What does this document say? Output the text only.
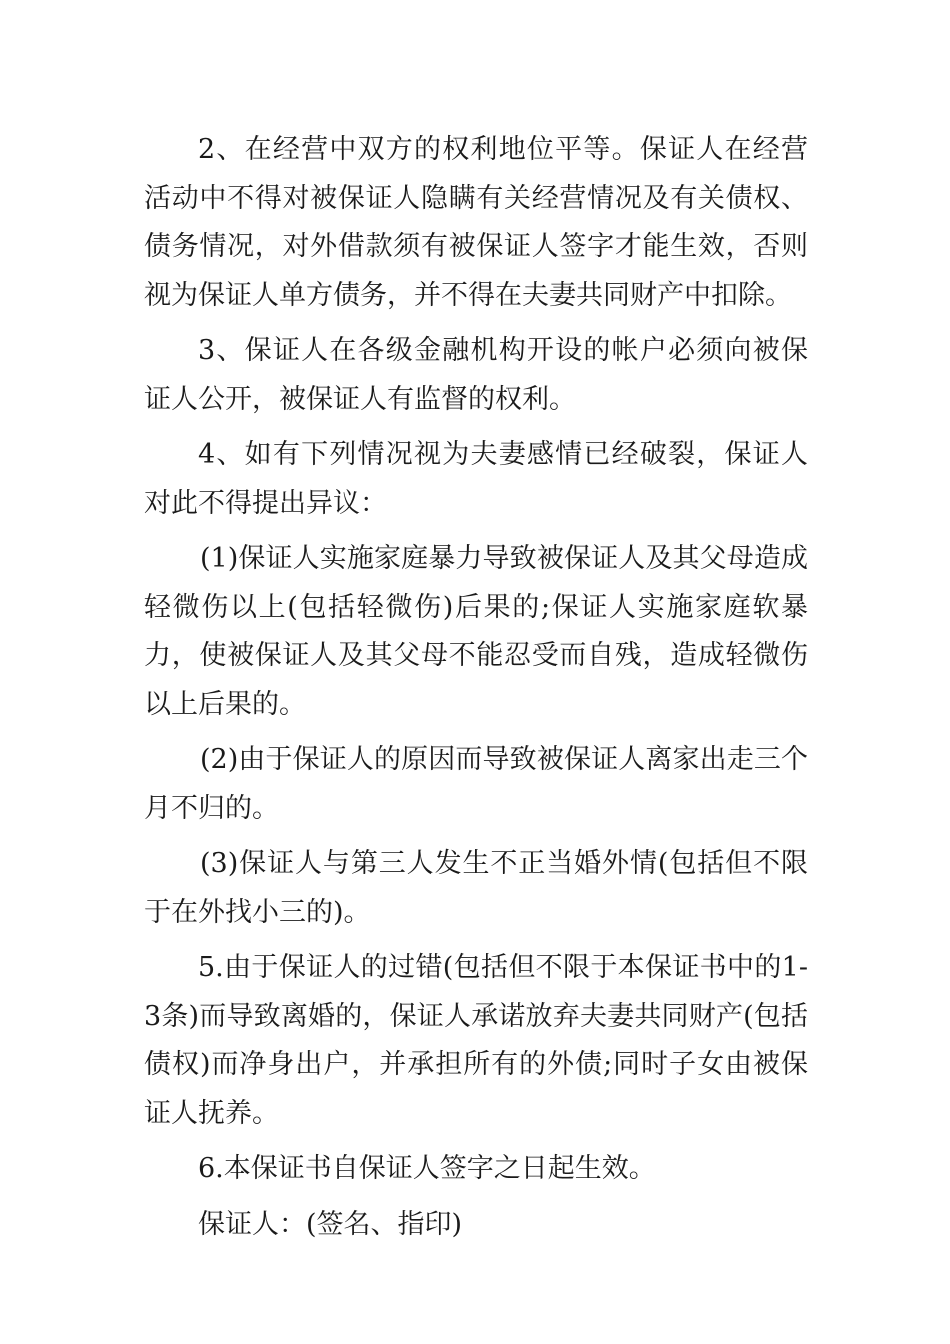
2、在经营中双方的权利地位平等。保证人在经营活动中不得对被保证人隐瞒有关经营情况及有关债权、债务情况，对外借款须有被保证人签字才能生效，否则视为保证人单方债务，并不得在夫妻共同财产中扣除。

3、保证人在各级金融机构开设的帐户必须向被保证人公开，被保证人有监督的权利。

4、如有下列情况视为夫妻感情已经破裂，保证人对此不得提出异议：

(1)保证人实施家庭暴力导致被保证人及其父母造成轻微伤以上(包括轻微伤)后果的;保证人实施家庭软暴力，使被保证人及其父母不能忍受而自残，造成轻微伤以上后果的。

(2)由于保证人的原因而导致被保证人离家出走三个月不归的。

(3)保证人与第三人发生不正当婚外情(包括但不限于在外找小三的)。

5.由于保证人的过错(包括但不限于本保证书中的1-3条)而导致离婚的，保证人承诺放弃夫妻共同财产(包括债权)而净身出户，并承担所有的外债;同时子女由被保证人抚养。

6.本保证书自保证人签字之日起生效。

保证人：(签名、指印)
